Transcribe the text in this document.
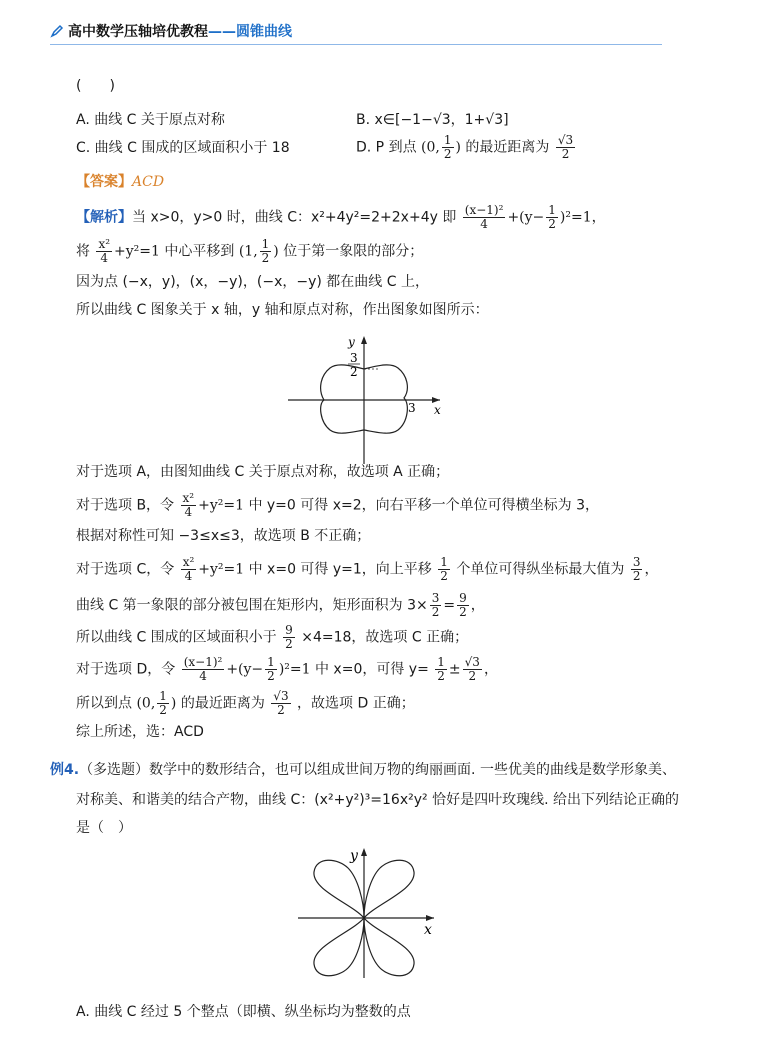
高中数学压轴培优教程 ——圆锥曲线
(　　)
A. 曲线 C 关于原点对称	B. x∈[−1−√3，1+√3]
C. 曲线 C 围成的区域面积小于 18	D. P 到点 (0, $\frac{1}{2}$ ) 的最近距离为 $\frac{√3}{2}$
【答案】ACD
【解析】当 x>0，y>0 时，曲线 C：x²+4y²=2+2x+4y 即 $\frac{\text{(x−1)²}}{4} +(y- \frac{1}{2} )^2=1$，
将 $\frac{\text{x²}}{4} +y^2=1$ 中心平移到 (1, $\frac{1}{2}$ ) 位于第一象限的部分；
因为点 (−x，y)，(x，−y)，(−x，−y) 都在曲线 C 上，
所以曲线 C 图象关于 x 轴，y 轴和原点对称，作出图象如图所示：
y
x
3
2
3
对于选项 A，由图知曲线 C 关于原点对称，故选项 A 正确；
对于选项 B，令 $\frac{\text{x²}}{4} +y^2=1$ 中 y=0 可得 x=2，向右平移一个单位可得横坐标为 3，
根据对称性可知 −3≤x≤3，故选项 B 不正确；
对于选项 C，令 $\frac{\text{x²}}{4} +y^2=1$ 中 x=0 可得 y=1，向上平移 $\frac{1}{2}$ 个单位可得纵坐标最大值为 $\frac{3}{2}$ ，
曲线 C 第一象限的部分被包围在矩形内，矩形面积为 $3\times \frac{3}{2} = \frac{9}{2}$ ，
所以曲线 C 围成的区域面积小于 $\frac{9}{2} \times 4=18$，故选项 C 正确；
对于选项 D，令 $\frac{\text{(x−1)²}}{4} +(y- \frac{1}{2} )^2=1$ 中 x=0，可得 $y= \frac{1}{2} \pm \frac{√3}{2}$ ，
所以到点 (0, $\frac{1}{2}$ ) 的最近距离为 $\frac{√3}{2}$ ，故选项 D 正确；
综上所述，选：ACD
例4.（多选题）数学中的数形结合，也可以组成世间万物的绚丽画面. 一些优美的曲线是数学形象美、
对称美、和谐美的结合产物，曲线 C：(x²+y²)³=16x²y² 恰好是四叶玫瑰线. 给出下列结论正确的
是（　）
y
x
A. 曲线 C 经过 5 个整点（即横、纵坐标均为整数的点
